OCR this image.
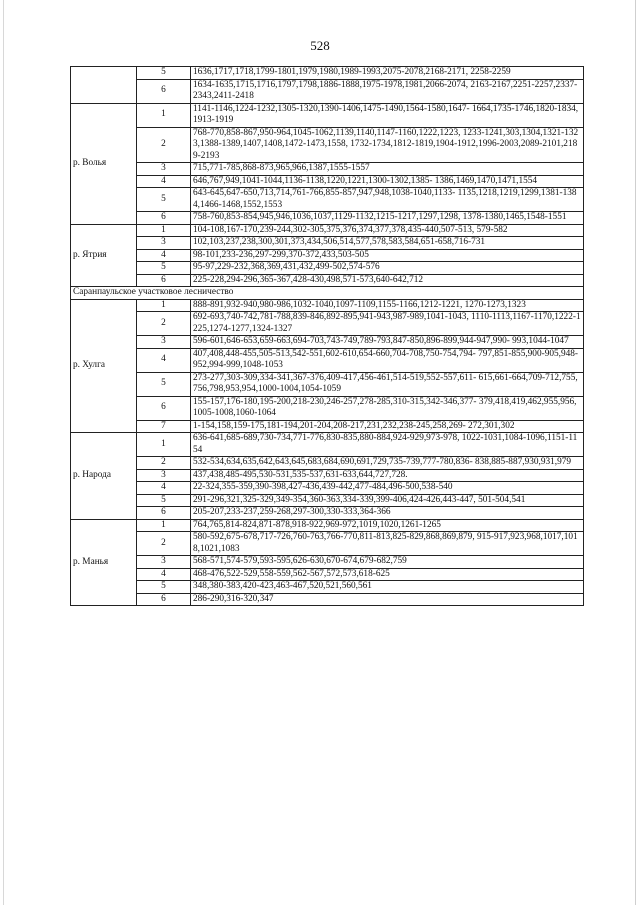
528
	5	1636,1717,1718,1799-1801,1979,1980,1989-1993,2075-2078,2168-2171, 2258-2259
	6	1634-1635,1715,1716,1797,1798,1886-1888,1975-1978,1981,2066-2074, 2163-2167,2251-2257,2337-2343,2411-2418
р. Волья	1	1141-1146,1224-1232,1305-1320,1390-1406,1475-1490,1564-1580,1647- 1664,1735-1746,1820-1834,1913-1919
	2	768-770,858-867,950-964,1045-1062,1139,1140,1147-1160,1222,1223, 1233-1241,303,1304,1321-1323,1388-1389,1407,1408,1472-1473,1558, 1732-1734,1812-1819,1904-1912,1996-2003,2089-2101,2189-2193
	3	715,771-785,868-873,965,966,1387,1555-1557
	4	646,767,949,1041-1044,1136-1138,1220,1221,1300-1302,1385- 1386,1469,1470,1471,1554
	5	643-645,647-650,713,714,761-766,855-857,947,948,1038-1040,1133- 1135,1218,1219,1299,1381-1384,1466-1468,1552,1553
	6	758-760,853-854,945,946,1036,1037,1129-1132,1215-1217,1297,1298, 1378-1380,1465,1548-1551
р. Ятрия	1	104-108,167-170,239-244,302-305,375,376,374,377,378,435-440,507-513, 579-582
	3	102,103,237,238,300,301,373,434,506,514,577,578,583,584,651-658,716-731
	4	98-101,233-236,297-299,370-372,433,503-505
	5	95-97,229-232,368,369,431,432,499-502,574-576
	6	225-228,294-296,365-367,428-430,498,571-573,640-642,712
Саранпаульское участковое лесничество		
р. Хулга	1	888-891,932-940,980-986,1032-1040,1097-1109,1155-1166,1212-1221, 1270-1273,1323
	2	692-693,740-742,781-788,839-846,892-895,941-943,987-989,1041-1043, 1110-1113,1167-1170,1222-1225,1274-1277,1324-1327
	3	596-601,646-653,659-663,694-703,743-749,789-793,847-850,896-899,944-947,990- 993,1044-1047
	4	407,408,448-455,505-513,542-551,602-610,654-660,704-708,750-754,794- 797,851-855,900-905,948-952,994-999,1048-1053
	5	273-277,303-309,334-341,367-376,409-417,456-461,514-519,552-557,611- 615,661-664,709-712,755,756,798,953,954,1000-1004,1054-1059
	6	155-157,176-180,195-200,218-230,246-257,278-285,310-315,342-346,377- 379,418,419,462,955,956,1005-1008,1060-1064
	7	1-154,158,159-175,181-194,201-204,208-217,231,232,238-245,258,269- 272,301,302
р. Народа	1	636-641,685-689,730-734,771-776,830-835,880-884,924-929,973-978, 1022-1031,1084-1096,1151-1154
	2	532-534,634,635,642,643,645,683,684,690,691,729,735-739,777-780,836- 838,885-887,930,931,979
	3	437,438,485-495,530-531,535-537,631-633,644,727,728.
	4	22-324,355-359,390-398,427-436,439-442,477-484,496-500,538-540
	5	291-296,321,325-329,349-354,360-363,334-339,399-406,424-426,443-447, 501-504,541
	6	205-207,233-237,259-268,297-300,330-333,364-366
р. Манья	1	764,765,814-824,871-878,918-922,969-972,1019,1020,1261-1265
	2	580-592,675-678,717-726,760-763,766-770,811-813,825-829,868,869,879, 915-917,923,968,1017,1018,1021,1083
	3	568-571,574-579,593-595,626-630,670-674,679-682,759
	4	468-476,522-529,558-559,562-567,572,573,618-625
	5	348,380-383,420-423,463-467,520,521,560,561
	6	286-290,316-320,347
